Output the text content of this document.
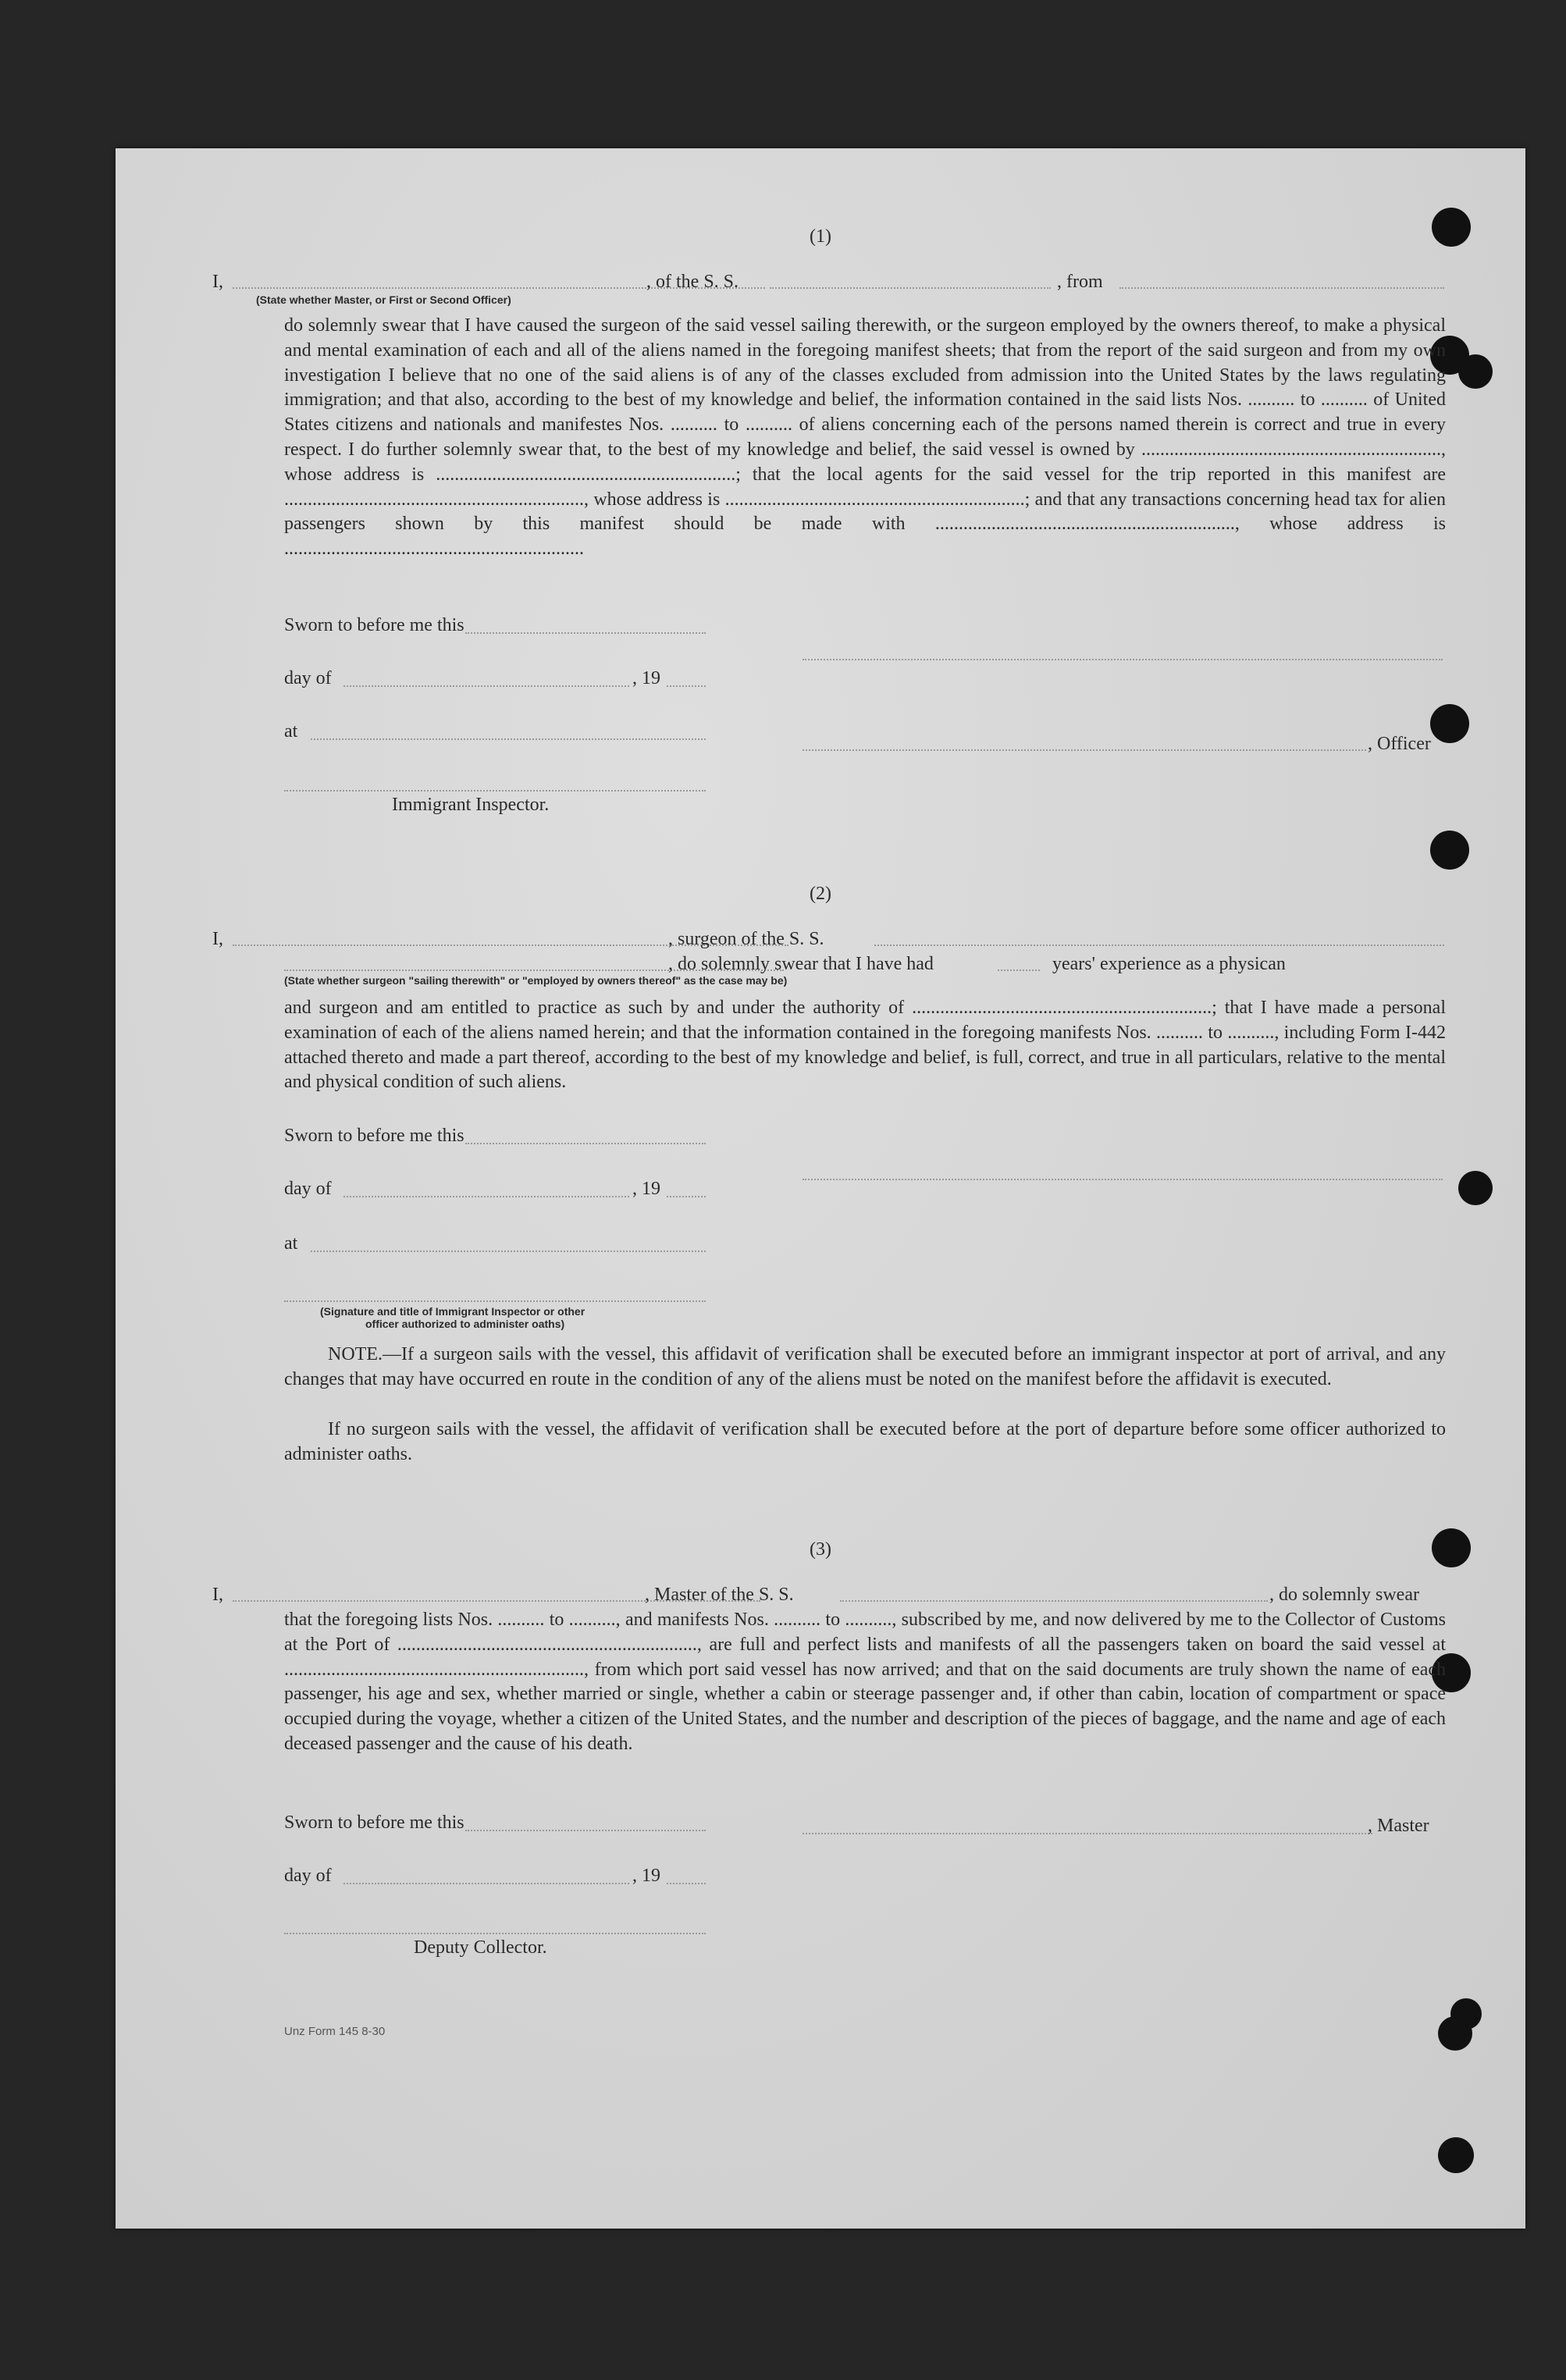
(1)
I,
(State whether Master, or First or Second Officer)
, of the S. S.	, from
do solemnly swear that I have caused the surgeon of the said vessel sailing therewith, or the surgeon employed by the owners thereof, to make a physical and mental examination of each and all of the aliens named in the foregoing manifest sheets; that from the report of the said surgeon and from my own investigation I believe that no one of the said aliens is of any of the classes excluded from admission into the United States by the laws regulating immigration; and that also, according to the best of my knowledge and belief, the information contained in the said lists Nos. .......... to .......... of United States citizens and nationals and manifestes Nos. .......... to .......... of aliens concerning each of the persons named therein is correct and true in every respect. I do further solemnly swear that, to the best of my knowledge and belief, the said vessel is owned by ................................................................, whose address is ................................................................; that the local agents for the said vessel for the trip reported in this manifest are ................................................................, whose address is ................................................................; and that any transactions concerning head tax for alien passengers shown by this manifest should be made with ................................................................, whose address is ................................................................
Sworn to before me this
day of	, 19
at
, Officer
Immigrant Inspector.
(2)
I,	, surgeon of the S. S.
, do solemnly swear that I have had	years' experience as a physican
(State whether surgeon "sailing therewith" or "employed by owners thereof" as the case may be)
and surgeon and am entitled to practice as such by and under the authority of ................................................................; that I have made a personal examination of each of the aliens named herein; and that the information contained in the foregoing manifests Nos. .......... to .........., including Form I-442 attached thereto and made a part thereof, according to the best of my knowledge and belief, is full, correct, and true in all particulars, relative to the mental and physical condition of such aliens.
Sworn to before me this
day of	, 19
at
(Signature and title of Immigrant Inspector or other
officer authorized to administer oaths)
NOTE.—If a surgeon sails with the vessel, this affidavit of verification shall be executed before an immigrant inspector at port of arrival, and any changes that may have occurred en route in the condition of any of the aliens must be noted on the manifest before the affidavit is executed.
If no surgeon sails with the vessel, the affidavit of verification shall be executed before at the port of departure before some officer authorized to administer oaths.
(3)
I,	, Master of the S. S.	, do solemnly swear
that the foregoing lists Nos. .......... to .........., and manifests Nos. .......... to .........., subscribed by me, and now delivered by me to the Collector of Customs at the Port of ................................................................, are full and perfect lists and manifests of all the passengers taken on board the said vessel at ................................................................, from which port said vessel has now arrived; and that on the said documents are truly shown the name of each passenger, his age and sex, whether married or single, whether a cabin or steerage passenger and, if other than cabin, location of compartment or space occupied during the voyage, whether a citizen of the United States, and the number and description of the pieces of baggage, and the name and age of each deceased passenger and the cause of his death.
Sworn to before me this	, Master
day of	, 19
Deputy Collector.
Unz Form 145 8-30
